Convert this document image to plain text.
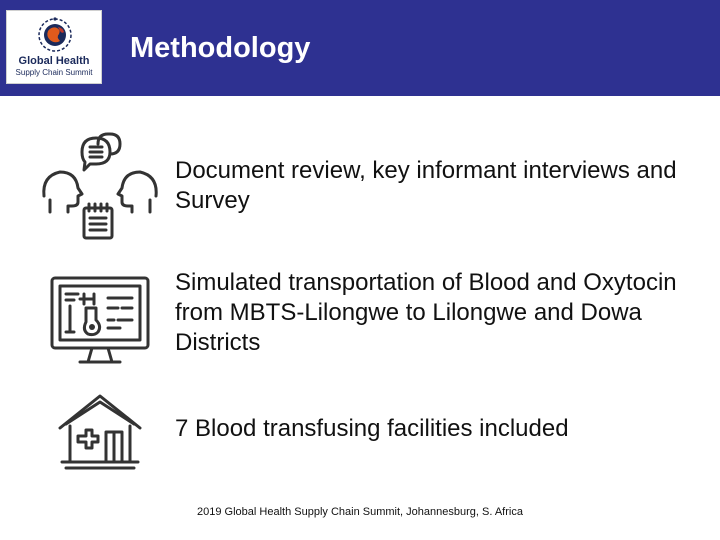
Global Health
Supply Chain Summit
Methodology
Document review, key informant interviews and Survey
Simulated transportation of Blood and Oxytocin from MBTS-Lilongwe to Lilongwe and Dowa Districts
7 Blood transfusing facilities included
2019 Global Health Supply Chain Summit, Johannesburg, S. Africa
